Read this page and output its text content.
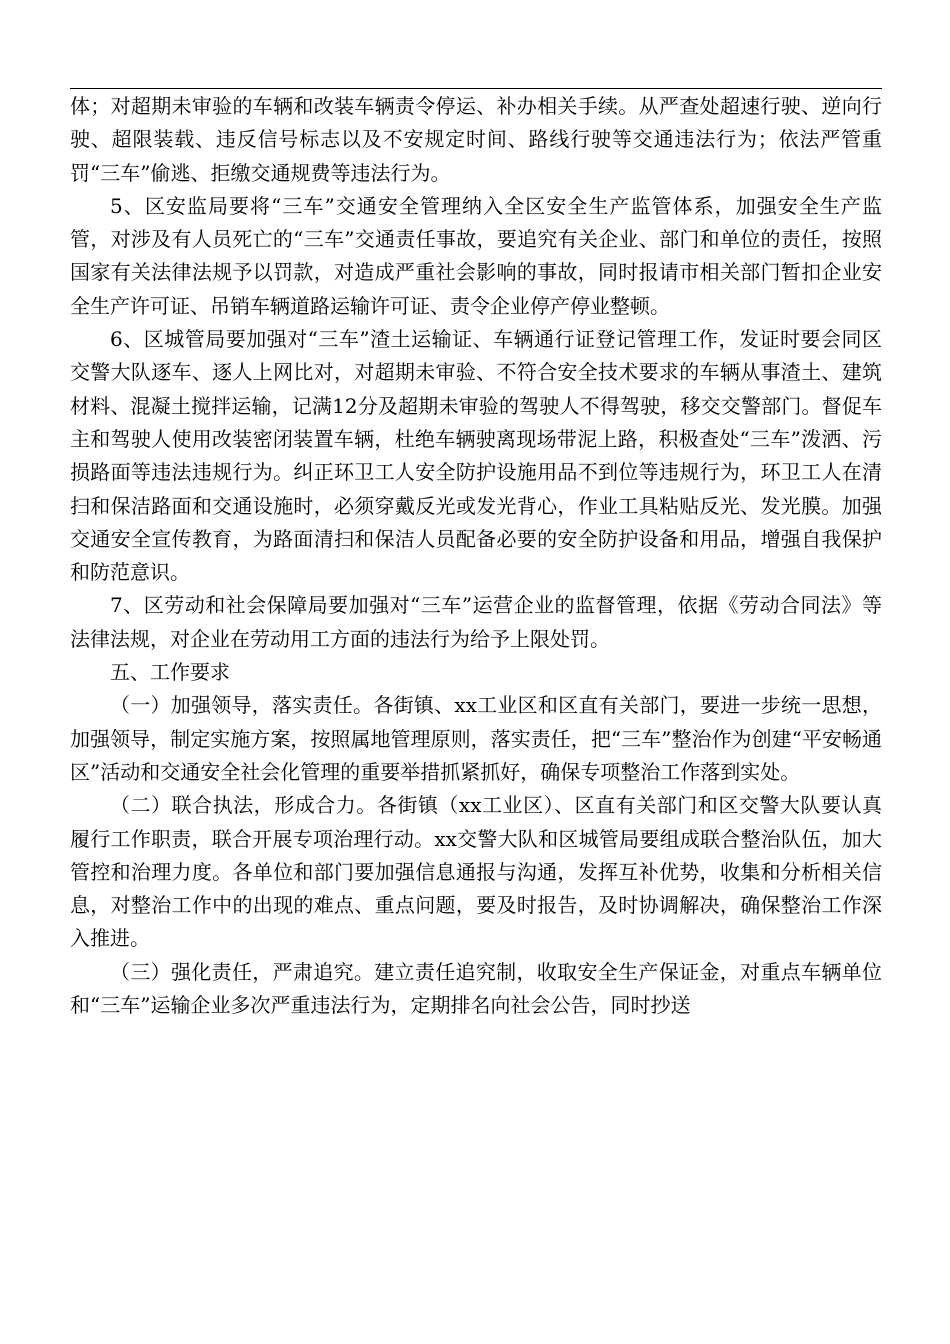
体；对超期未审验的车辆和改装车辆责令停运、补办相关手续。从严查处超速行驶、逆向行驶、超限装载、违反信号标志以及不安规定时间、路线行驶等交通违法行为；依法严管重罚“三车”偷逃、拒缴交通规费等违法行为。

5、区安监局要将“三车”交通安全管理纳入全区安全生产监管体系，加强安全生产监管，对涉及有人员死亡的“三车”交通责任事故，要追究有关企业、部门和单位的责任，按照国家有关法律法规予以罚款，对造成严重社会影响的事故，同时报请市相关部门暂扣企业安全生产许可证、吊销车辆道路运输许可证、责令企业停产停业整顿。

6、区城管局要加强对“三车”渣土运输证、车辆通行证登记管理工作，发证时要会同区交警大队逐车、逐人上网比对，对超期未审验、不符合安全技术要求的车辆从事渣土、建筑材料、混凝土搅拌运输，记满12分及超期未审验的驾驶人不得驾驶，移交交警部门。督促车主和驾驶人使用改装密闭装置车辆，杜绝车辆驶离现场带泥上路，积极查处“三车”泼洒、污损路面等违法违规行为。纠正环卫工人安全防护设施用品不到位等违规行为，环卫工人在清扫和保洁路面和交通设施时，必须穿戴反光或发光背心，作业工具粘贴反光、发光膜。加强交通安全宣传教育，为路面清扫和保洁人员配备必要的安全防护设备和用品，增强自我保护和防范意识。

7、区劳动和社会保障局要加强对“三车”运营企业的监督管理，依据《劳动合同法》等法律法规，对企业在劳动用工方面的违法行为给予上限处罚。

五、工作要求

（一）加强领导，落实责任。各街镇、xx工业区和区直有关部门，要进一步统一思想，加强领导，制定实施方案，按照属地管理原则，落实责任，把“三车”整治作为创建“平安畅通区”活动和交通安全社会化管理的重要举措抓紧抓好，确保专项整治工作落到实处。

（二）联合执法，形成合力。各街镇（xx工业区）、区直有关部门和区交警大队要认真履行工作职责，联合开展专项治理行动。xx交警大队和区城管局要组成联合整治队伍，加大管控和治理力度。各单位和部门要加强信息通报与沟通，发挥互补优势，收集和分析相关信息，对整治工作中的出现的难点、重点问题，要及时报告，及时协调解决，确保整治工作深入推进。

（三）强化责任，严肃追究。建立责任追究制，收取安全生产保证金，对重点车辆单位和“三车”运输企业多次严重违法行为，定期排名向社会公告，同时抄送
